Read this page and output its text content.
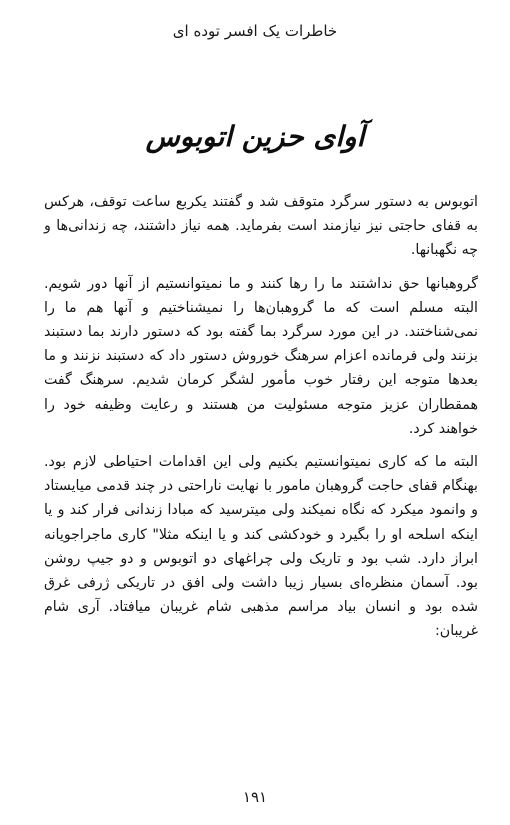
خاطرات یک افسر توده ای
آوای حزین اتوبوس

اتوبوس به دستور سرگرد متوقف شد و گفتند یکربع ساعت توقف، هرکس به قفای حاجتی نیز نیازمند است بفرماید. همه نیاز داشتند، چه زندانی‌ها و چه نگهبانها.

گروهبانها حق نداشتند ما را رها کنند و ما نمیتوانستیم از آنها دور شویم. البته مسلم است که ما گروهبان‌ها را نمیشناختیم و آنها هم ما را نمی‌شناختند. در این مورد سرگرد بما گفته بود که دستور دارند بما دستبند بزنند ولی فرمانده اعزام سرهنگ خوروش دستور داد که دستبند نزنند و ما بعدها متوجه این رفتار خوب مأمور لشگر کرمان شدیم. سرهنگ گفت همقطاران عزیز متوجه مسئولیت من هستند و رعایت وظیفه خود را خواهند کرد.

البته ما که کاری نمیتوانستیم بکنیم ولی این اقدامات احتیاطی لازم بود. بهنگام قفای حاجت گروهبان مامور با نهایت ناراحتی در چند قدمی میایستاد و وانمود میکرد که نگاه نمیکند ولی میترسید که مبادا زندانی فرار کند و یا اینکه اسلحه او را بگیرد و خودکشی کند و یا اینکه مثلا" کاری ماجراجویانه ابراز دارد. شب بود و تاریک ولی چراغهای دو اتوبوس و دو جیپ روشن بود. آسمان منظره‌ای بسیار زیبا داشت ولی افق در تاریکی ژرفی غرق شده بود و انسان بیاد مراسم مذهبی شام غریبان میافتاد. آری شام غریبان:

۱۹۱
